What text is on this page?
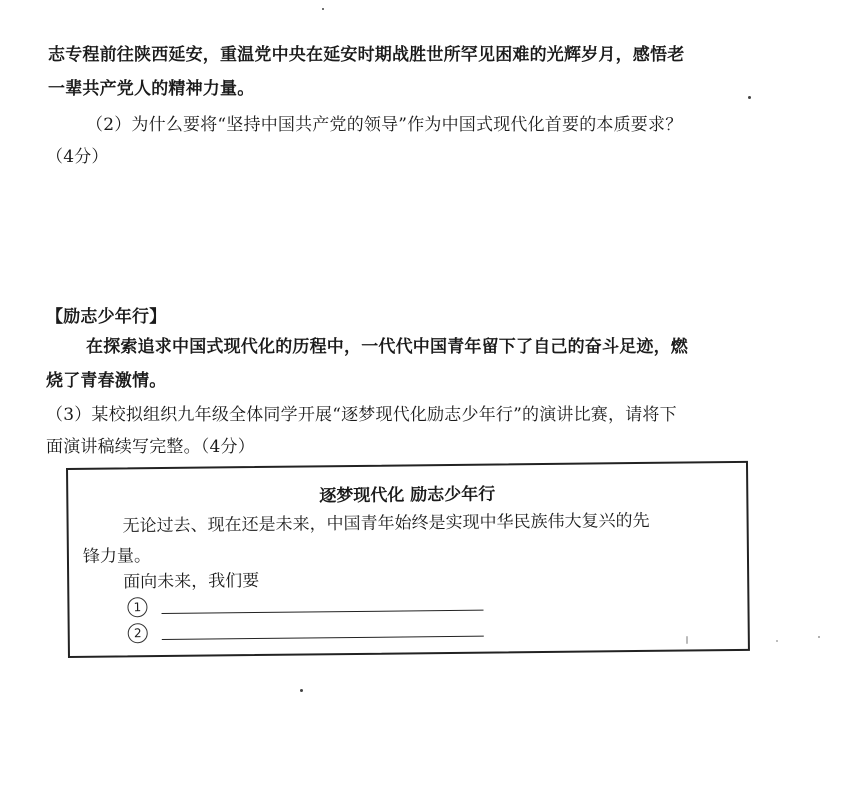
志专程前往陕西延安，重温党中央在延安时期战胜世所罕见困难的光辉岁月，感悟老
一辈共产党人的精神力量。
（2）为什么要将“坚持中国共产党的领导”作为中国式现代化首要的本质要求？
（4分）
【励志少年行】
在探索追求中国式现代化的历程中，一代代中国青年留下了自己的奋斗足迹，燃
烧了青春激情。
（3）某校拟组织九年级全体同学开展“逐梦现代化励志少年行”的演讲比赛，请将下
面演讲稿续写完整。（4分）
逐梦现代化 励志少年行
无论过去、现在还是未来，中国青年始终是实现中华民族伟大复兴的先
锋力量。
面向未来，我们要
1
2
